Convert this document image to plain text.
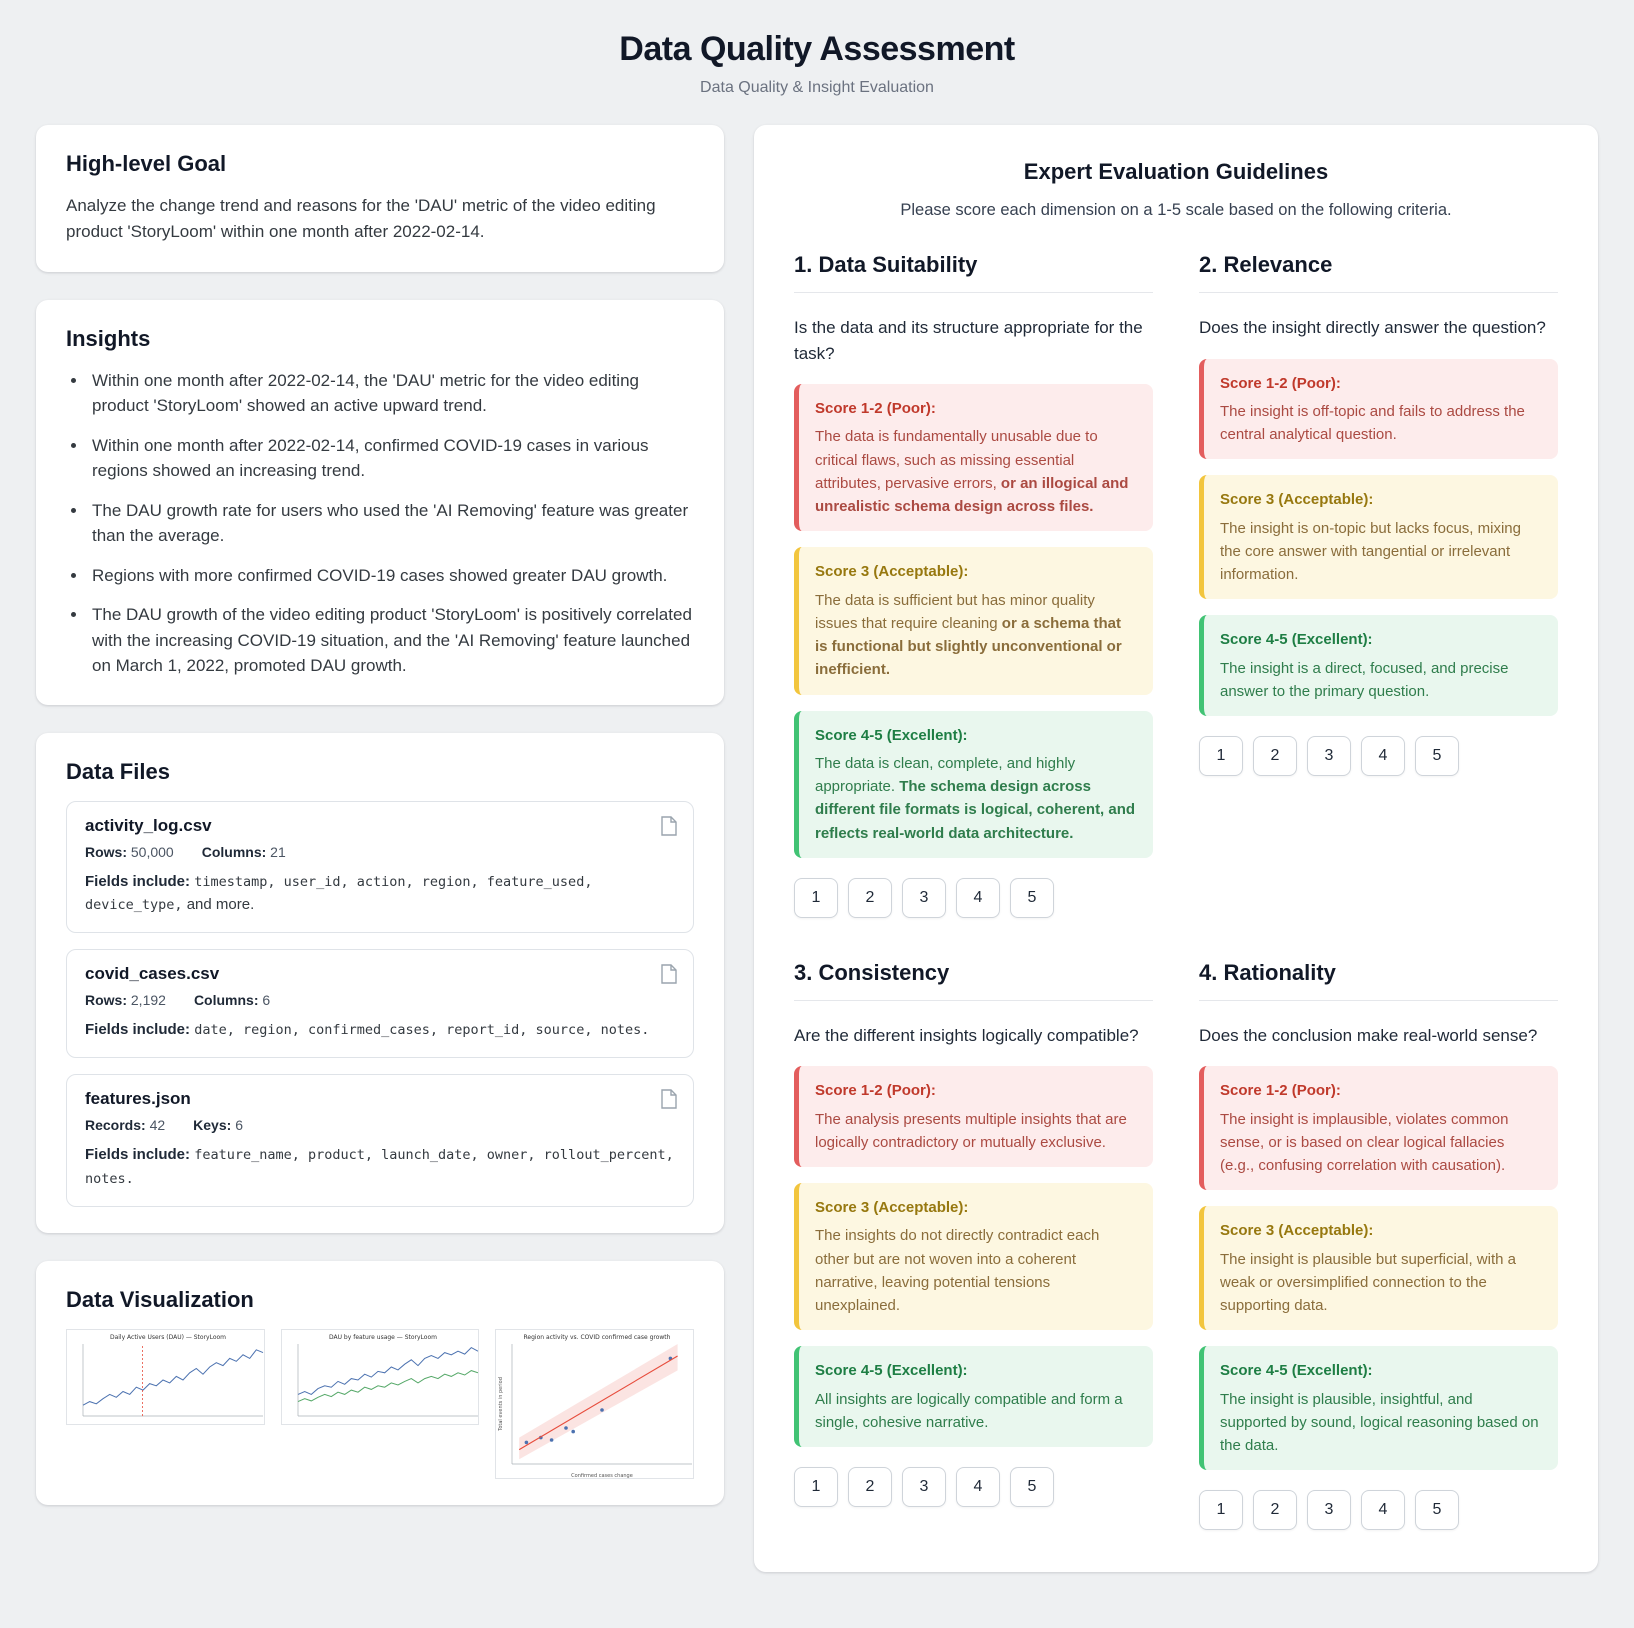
Data Quality Assessment

Data Quality & Insight Evaluation

High-level Goal

Analyze the change trend and reasons for the 'DAU' metric of the video editing product 'StoryLoom' within one month after 2022-02-14.

Insights
• Within one month after 2022-02-14, the 'DAU' metric for the video editing product 'StoryLoom' showed an active upward trend.
• Within one month after 2022-02-14, confirmed COVID-19 cases in various regions showed an increasing trend.
• The DAU growth rate for users who used the 'AI Removing' feature was greater than the average.
• Regions with more confirmed COVID-19 cases showed greater DAU growth.
• The DAU growth of the video editing product 'StoryLoom' is positively correlated with the increasing COVID-19 situation, and the 'AI Removing' feature launched on March 1, 2022, promoted DAU growth.
Data Files
activity_log.csv
Rows: 50,000 Columns: 21
Fields include: timestamp, user_id, action, region, feature_used, device_type, and more.
covid_cases.csv
Rows: 2,192 Columns: 6
Fields include: date, region, confirmed_cases, report_id, source, notes.
features.json
Records: 42 Keys: 6
Fields include: feature_name, product, launch_date, owner, rollout_percent, notes.
Data Visualization
Daily Active Users (DAU) — StoryLoom	DAU by feature usage — StoryLoom	Region activity vs. COVID confirmed case growth
Confirmed cases change
Total events in period
Expert Evaluation Guidelines

Please score each dimension on a 1-5 scale based on the following criteria.

1. Data Suitability

Is the data and its structure appropriate for the task?

Score 1-2 (Poor):
The data is fundamentally unusable due to critical flaws, such as missing essential attributes, pervasive errors, or an illogical and unrealistic schema design across files.
Score 3 (Acceptable):
The data is sufficient but has minor quality issues that require cleaning or a schema that is functional but slightly unconventional or inefficient.
Score 4-5 (Excellent):
The data is clean, complete, and highly appropriate. The schema design across different file formats is logical, coherent, and reflects real-world data architecture.
1	2	3	4	5
2. Relevance

Does the insight directly answer the question?

Score 1-2 (Poor):
The insight is off-topic and fails to address the central analytical question.
Score 3 (Acceptable):
The insight is on-topic but lacks focus, mixing the core answer with tangential or irrelevant information.
Score 4-5 (Excellent):
The insight is a direct, focused, and precise answer to the primary question.
1	2	3	4	5
3. Consistency

Are the different insights logically compatible?

Score 1-2 (Poor):
The analysis presents multiple insights that are logically contradictory or mutually exclusive.
Score 3 (Acceptable):
The insights do not directly contradict each other but are not woven into a coherent narrative, leaving potential tensions unexplained.
Score 4-5 (Excellent):
All insights are logically compatible and form a single, cohesive narrative.
1	2	3	4	5
4. Rationality

Does the conclusion make real-world sense?

Score 1-2 (Poor):
The insight is implausible, violates common sense, or is based on clear logical fallacies (e.g., confusing correlation with causation).
Score 3 (Acceptable):
The insight is plausible but superficial, with a weak or oversimplified connection to the supporting data.
Score 4-5 (Excellent):
The insight is plausible, insightful, and supported by sound, logical reasoning based on the data.
1	2	3	4	5
